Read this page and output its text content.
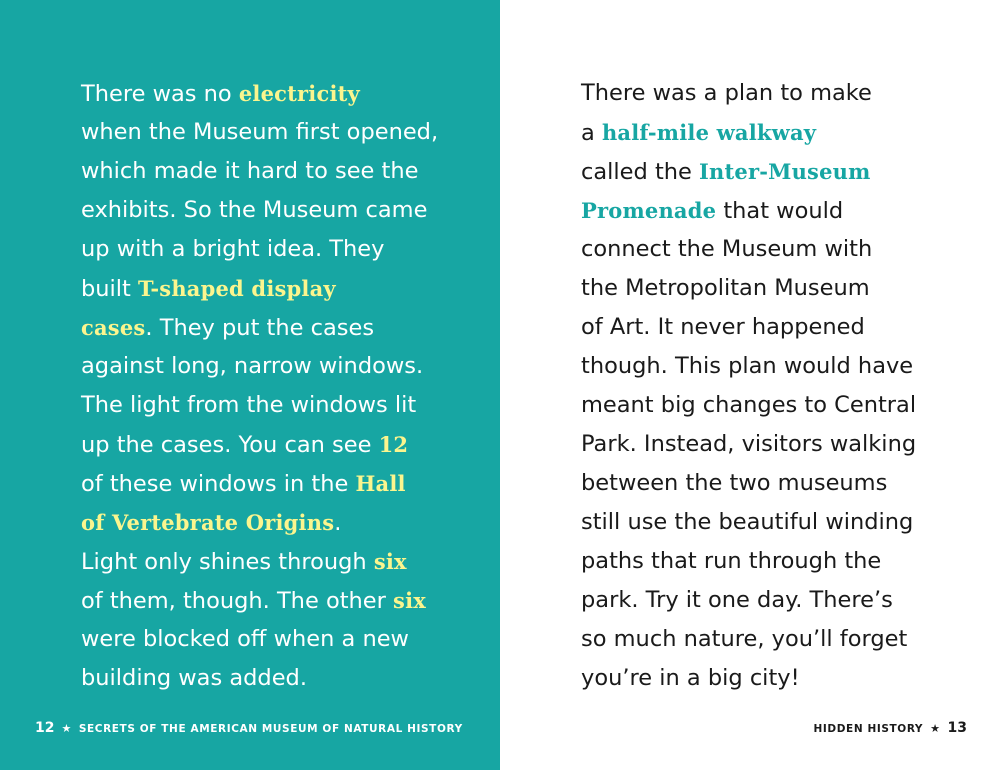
There was no electricity
when the Museum first opened,
which made it hard to see the
exhibits. So the Museum came
up with a bright idea. They
built T-shaped display
cases. They put the cases
against long, narrow windows.
The light from the windows lit
up the cases. You can see 12
of these windows in the Hall
of Vertebrate Origins.
Light only shines through six
of them, though. The other six
were blocked off when a new
building was added.

12 ★ SECRETS OF THE AMERICAN MUSEUM OF NATURAL HISTORY

There was a plan to make
a half-mile walkway
called the Inter-Museum
Promenade that would
connect the Museum with
the Metropolitan Museum
of Art. It never happened
though. This plan would have
meant big changes to Central
Park. Instead, visitors walking
between the two museums
still use the beautiful winding
paths that run through the
park. Try it one day. There’s
so much nature, you’ll forget
you’re in a big city!

HIDDEN HISTORY ★ 13
